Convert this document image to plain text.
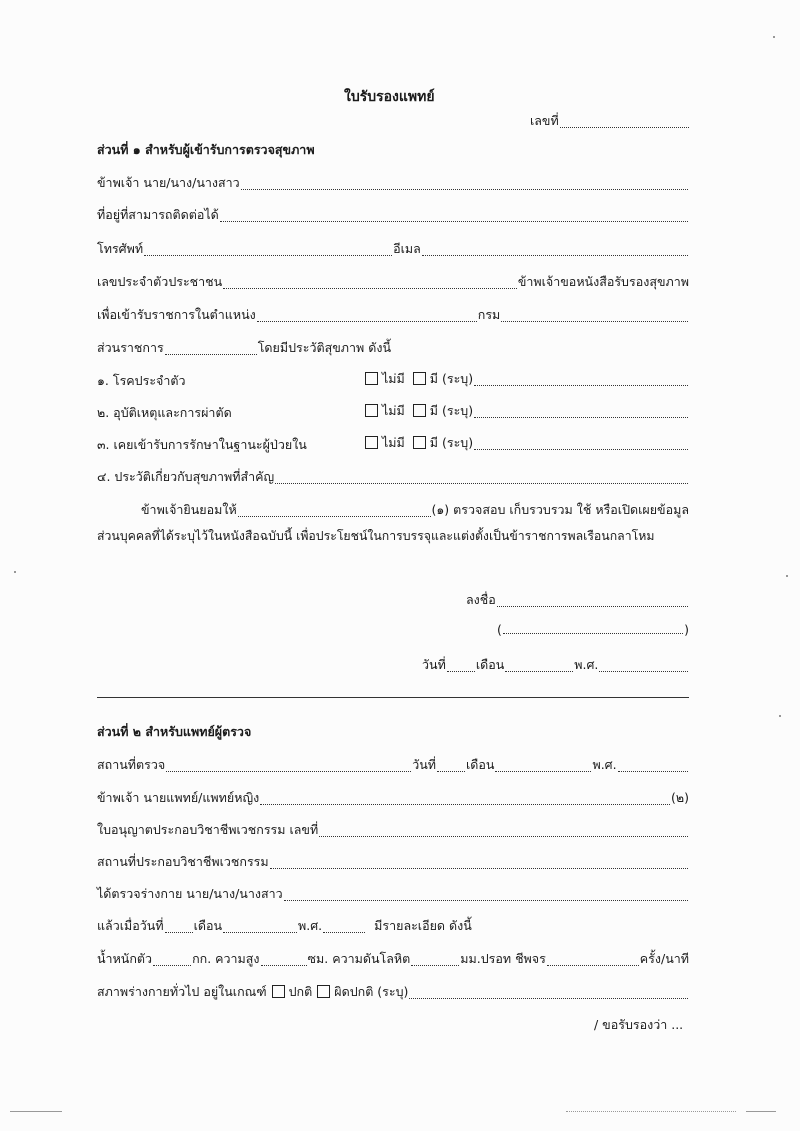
ใบรับรองแพทย์
เลขที่
ส่วนที่ ๑ สำหรับผู้เข้ารับการตรวจสุขภาพ
ข้าพเจ้า นาย/นาง/นางสาว
ที่อยู่ที่สามารถติดต่อได้
โทรศัพท์	อีเมล
เลขประจำตัวประชาชน	ข้าพเจ้าขอหนังสือรับรองสุขภาพ
เพื่อเข้ารับราชการในตำแหน่ง	กรม
ส่วนราชการ	โดยมีประวัติสุขภาพ ดังนี้
๑. โรคประจำตัว	ไม่มี มี (ระบุ)
๒. อุบัติเหตุและการผ่าตัด	ไม่มี มี (ระบุ)
๓. เคยเข้ารับการรักษาในฐานะผู้ป่วยใน	ไม่มี มี (ระบุ)
๔. ประวัติเกี่ยวกับสุขภาพที่สำคัญ
ข้าพเจ้ายินยอมให้	(๑) ตรวจสอบ เก็บรวบรวม ใช้ หรือเปิดเผยข้อมูล
ส่วนบุคคลที่ได้ระบุไว้ในหนังสือฉบับนี้ เพื่อประโยชน์ในการบรรจุและแต่งตั้งเป็นข้าราชการพลเรือนกลาโหม
ลงชื่อ
(	)
วันที่ เดือน	พ.ศ.
ส่วนที่ ๒ สำหรับแพทย์ผู้ตรวจ
สถานที่ตรวจ	วันที่ เดือน	พ.ศ.
ข้าพเจ้า นายแพทย์/แพทย์หญิง	(๒)
ใบอนุญาตประกอบวิชาชีพเวชกรรม เลขที่
สถานที่ประกอบวิชาชีพเวชกรรม
ได้ตรวจร่างกาย นาย/นาง/นางสาว
แล้วเมื่อวันที่ เดือน	พ.ศ.	มีรายละเอียด ดังนี้
น้ำหนักตัว	กก. ความสูง	ซม. ความดันโลหิต	มม.ปรอท ชีพจร	ครั้ง/นาที
สภาพร่างกายทั่วไป อยู่ในเกณฑ์ ปกติ ผิดปกติ (ระบุ)
/ ขอรับรองว่า ...
